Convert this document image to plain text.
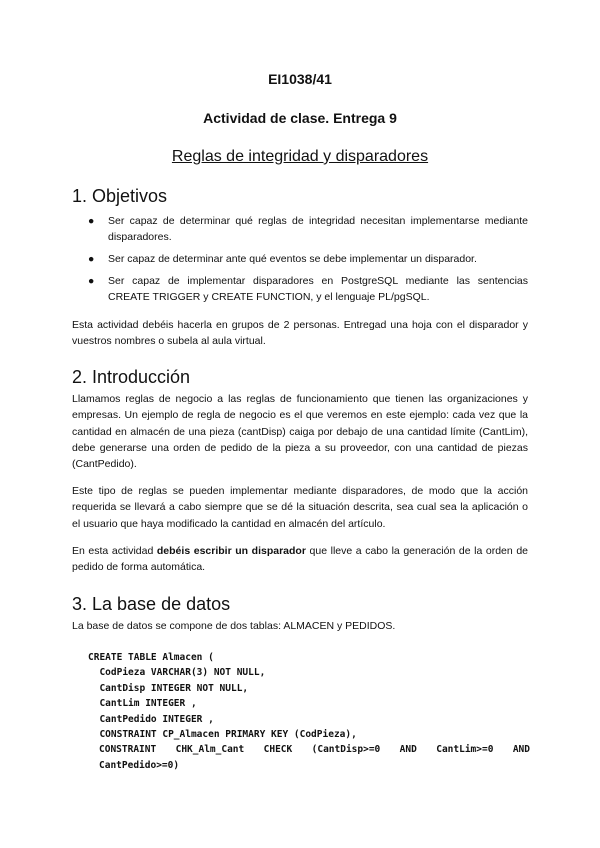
EI1038/41
Actividad de clase. Entrega 9
Reglas de integridad y disparadores
1. Objetivos
● Ser capaz de determinar qué reglas de integridad necesitan implementarse mediante disparadores.
● Ser capaz de determinar ante qué eventos se debe implementar un disparador.
● Ser capaz de implementar disparadores en PostgreSQL mediante las sentencias CREATE TRIGGER y CREATE FUNCTION, y el lenguaje PL/pgSQL.

Esta actividad debéis hacerla en grupos de 2 personas. Entregad una hoja con el disparador y vuestros nombres o subela al aula virtual.

2. Introducción

Llamamos reglas de negocio a las reglas de funcionamiento que tienen las organizaciones y empresas. Un ejemplo de regla de negocio es el que veremos en este ejemplo: cada vez que la cantidad en almacén de una pieza (cantDisp) caiga por debajo de una cantidad límite (CantLim), debe generarse una orden de pedido de la pieza a su proveedor, con una cantidad de piezas (CantPedido).

Este tipo de reglas se pueden implementar mediante disparadores, de modo que la acción requerida se llevará a cabo siempre que se dé la situación descrita, sea cual sea la aplicación o el usuario que haya modificado la cantidad en almacén del artículo.

En esta actividad debéis escribir un disparador que lleve a cabo la generación de la orden de pedido de forma automática.

3. La base de datos

La base de datos se compone de dos tablas: ALMACEN y PEDIDOS.

CREATE TABLE Almacen (
CodPieza VARCHAR(3) NOT NULL,
CantDisp INTEGER NOT NULL,
CantLim INTEGER ,
CantPedido INTEGER ,
CONSTRAINT CP_Almacen PRIMARY KEY (CodPieza),
CONSTRAINT CHK_Alm_Cant CHECK (CantDisp>=0 AND CantLim>=0 AND
CantPedido>=0)
